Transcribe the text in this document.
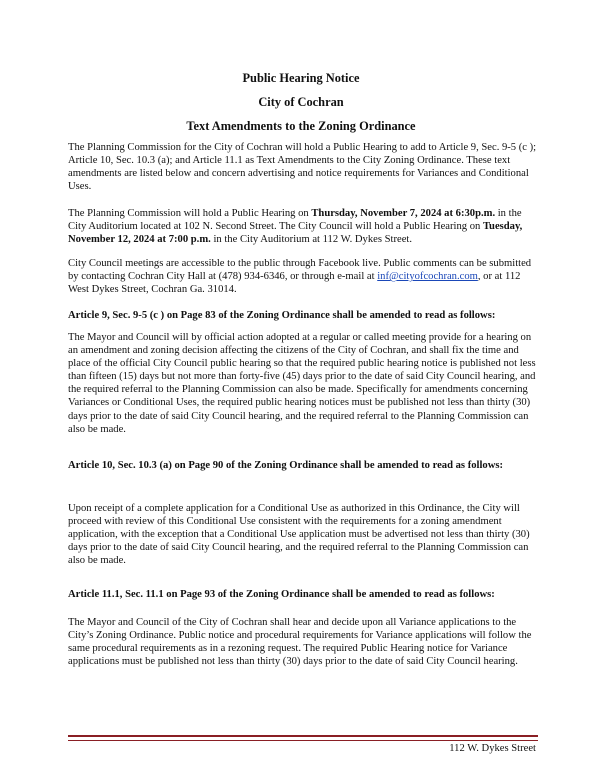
Public Hearing Notice
City of Cochran
Text Amendments to the Zoning Ordinance

The Planning Commission for the City of Cochran will hold a Public Hearing to add to Article 9, Sec. 9-5 (c ); Article 10, Sec. 10.3 (a); and Article 11.1 as Text Amendments to the City Zoning Ordinance. These text amendments are listed below and concern advertising and notice requirements for Variances and Conditional Uses.

The Planning Commission will hold a Public Hearing on Thursday, November 7, 2024 at 6:30p.m. in the City Auditorium located at 102 N. Second Street. The City Council will hold a Public Hearing on Tuesday, November 12, 2024 at 7:00 p.m. in the City Auditorium at 112 W. Dykes Street.

City Council meetings are accessible to the public through Facebook live. Public comments can be submitted by contacting Cochran City Hall at (478) 934-6346, or through e-mail at inf@cityofcochran.com, or at 112 West Dykes Street, Cochran Ga. 31014.

Article 9, Sec. 9-5 (c ) on Page 83 of the Zoning Ordinance shall be amended to read as follows:

The Mayor and Council will by official action adopted at a regular or called meeting provide for a hearing on an amendment and zoning decision affecting the citizens of the City of Cochran, and shall fix the time and place of the official City Council public hearing so that the required public hearing notice is published not less than fifteen (15) days but not more than forty-five (45) days prior to the date of said City Council hearing, and the required referral to the Planning Commission can also be made. Specifically for amendments concerning Variances or Conditional Uses, the required public hearing notices must be published not less than thirty (30) days prior to the date of said City Council hearing, and the required referral to the Planning Commission can also be made.

Article 10, Sec. 10.3 (a) on Page 90 of the Zoning Ordinance shall be amended to read as follows:

Upon receipt of a complete application for a Conditional Use as authorized in this Ordinance, the City will proceed with review of this Conditional Use consistent with the requirements for a zoning amendment application, with the exception that a Conditional Use application must be advertised not less than thirty (30) days prior to the date of said City Council hearing, and the required referral to the Planning Commission can also be made.

Article 11.1, Sec. 11.1 on Page 93 of the Zoning Ordinance shall be amended to read as follows:

The Mayor and Council of the City of Cochran shall hear and decide upon all Variance applications to the City’s Zoning Ordinance. Public notice and procedural requirements for Variance applications will follow the same procedural requirements as in a rezoning request. The required Public Hearing notice for Variance applications must be published not less than thirty (30) days prior to the date of said City Council hearing.

112 W. Dykes Street
